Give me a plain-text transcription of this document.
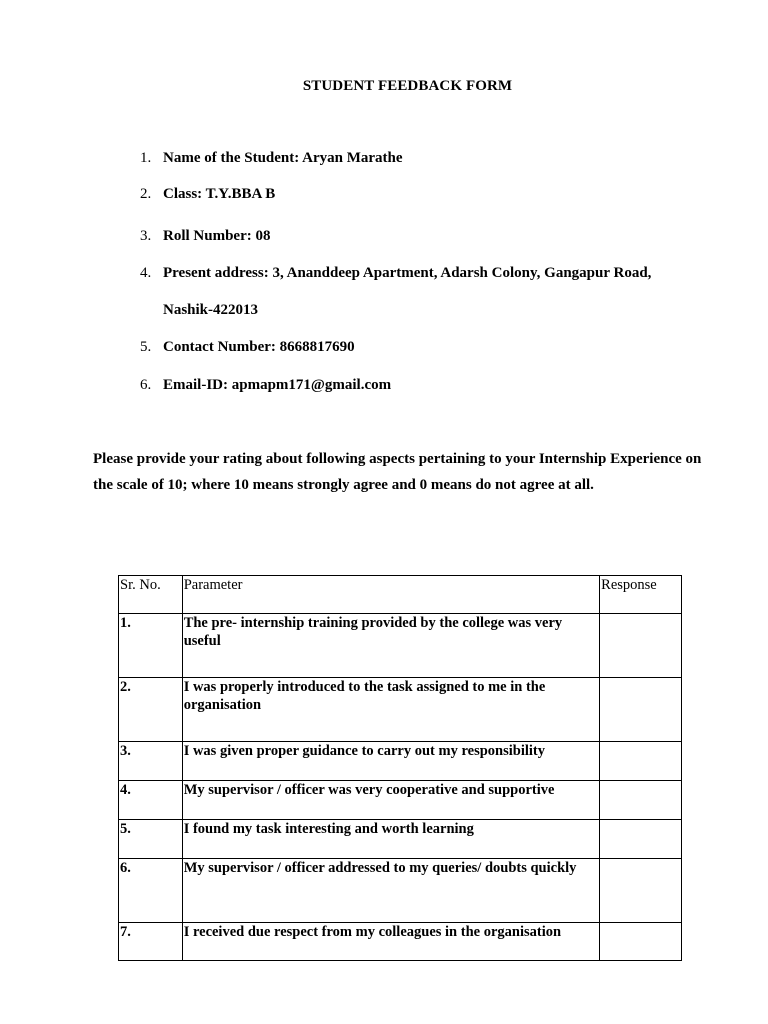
STUDENT FEEDBACK FORM
1. Name of the Student: Aryan Marathe
2. Class: T.Y.BBA B
3. Roll Number: 08
4. Present address: 3, Ananddeep Apartment, Adarsh Colony, Gangapur Road,
Nashik-422013
5. Contact Number: 8668817690
6. Email-ID: apmapm171@gmail.com
Please provide your rating about following aspects pertaining to your Internship Experience on
the scale of 10; where 10 means strongly agree and 0 means do not agree at all.
Sr. No.	Parameter	Response
1.	The pre- internship training provided by the college was very useful	
2.	I was properly introduced to the task assigned to me in the organisation	
3.	I was given proper guidance to carry out my responsibility	
4.	My supervisor / officer was very cooperative and supportive	
5.	I found my task interesting and worth learning	
6.	My supervisor / officer addressed to my queries/ doubts quickly	
7.	I received due respect from my colleagues in the organisation	
